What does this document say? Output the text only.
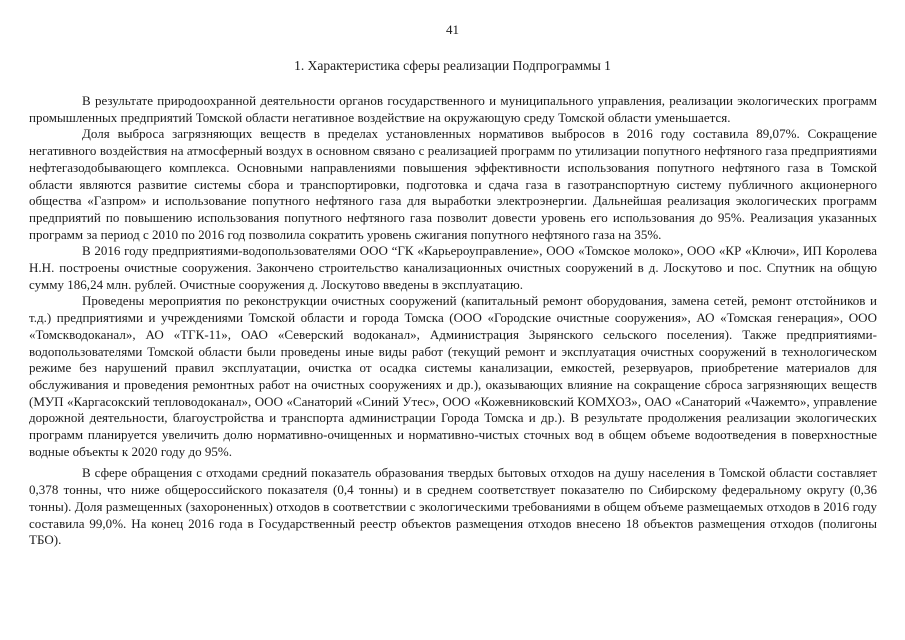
41
1. Характеристика сферы реализации Подпрограммы 1

В результате природоохранной деятельности органов государственного и муниципального управления, реализации экологических программ промышленных предприятий Томской области негативное воздействие на окружающую среду Томской области уменьшается.

Доля выброса загрязняющих веществ в пределах установленных нормативов выбросов в 2016 году составила 89,07%. Сокращение негативного воздействия на атмосферный воздух в основном связано с реализацией программ по утилизации попутного нефтяного газа предприятиями нефтегазодобывающего комплекса. Основными направлениями повышения эффективности использования попутного нефтяного газа в Томской области являются развитие системы сбора и транспортировки, подготовка и сдача газа в газотранспортную систему публичного акционерного общества «Газпром» и использование попутного нефтяного газа для выработки электроэнергии. Дальнейшая реализация экологических программ предприятий по повышению использования попутного нефтяного газа позволит довести уровень его использования до 95%. Реализация указанных программ за период с 2010 по 2016 год позволила сократить уровень сжигания попутного нефтяного газа на 35%.

В 2016 году предприятиями-водопользователями ООО “ГК «Карьероуправление», ООО «Томское молоко», ООО «КР «Ключи», ИП Королева Н.Н. построены очистные сооружения. Закончено строительство канализационных очистных сооружений в д. Лоскутово и пос. Спутник на общую сумму 186,24 млн. рублей. Очистные сооружения д. Лоскутово введены в эксплуатацию.

Проведены мероприятия по реконструкции очистных сооружений (капитальный ремонт оборудования, замена сетей, ремонт отстойников и т.д.) предприятиями и учреждениями Томской области и города Томска (ООО «Городские очистные сооружения», АО «Томская генерация», ООО «Томскводоканал», АО «ТГК-11», ОАО «Северский водоканал», Администрация Зырянского сельского поселения). Также предприятиями-водопользователями Томской области были проведены иные виды работ (текущий ремонт и эксплуатация очистных сооружений в технологическом режиме без нарушений правил эксплуатации, очистка от осадка системы канализации, емкостей, резервуаров, приобретение материалов для обслуживания и проведения ремонтных работ на очистных сооружениях и др.), оказывающих влияние на сокращение сброса загрязняющих веществ (МУП «Каргасокский тепловодоканал», ООО «Санаторий «Синий Утес», ООО «Кожевниковский КОМХОЗ», ОАО «Санаторий «Чажемто», управление дорожной деятельности, благоустройства и транспорта администрации Города Томска и др.). В результате продолжения реализации экологических программ планируется увеличить долю нормативно-очищенных и нормативно-чистых сточных вод в общем объеме водоотведения в поверхностные водные объекты к 2020 году до 95%.

В сфере обращения с отходами средний показатель образования твердых бытовых отходов на душу населения в Томской области составляет 0,378 тонны, что ниже общероссийского показателя (0,4 тонны) и в среднем соответствует показателю по Сибирскому федеральному округу (0,36 тонны). Доля размещенных (захороненных) отходов в соответствии с экологическими требованиями в общем объеме размещаемых отходов в 2016 году составила 99,0%. На конец 2016 года в Государственный реестр объектов размещения отходов внесено 18 объектов размещения отходов (полигоны ТБО).
